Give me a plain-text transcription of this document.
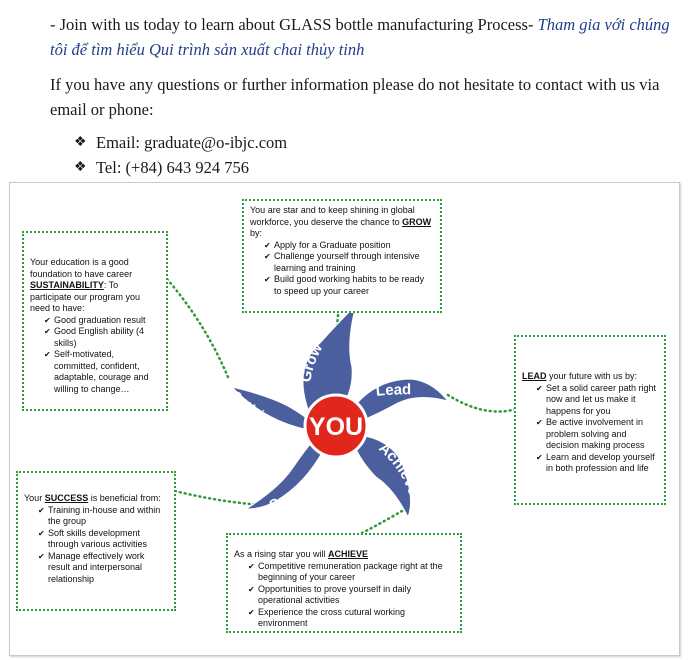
- Join with us today to learn about GLASS bottle manufacturing Process- Tham gia với chúng tôi để tìm hiểu Qui trình sản xuất chai thủy tinh
If you have any questions or further information please do not hesitate to contact with us via email or phone:
❖ Email: graduate@o-ibjc.com
❖ Tel: (+84) 643 924 756
Grow
Lead
Achieve
Success
Sustainability
YOU

You are star and to keep shining in global workforce, you deserve the chance to GROW by:

✔ Apply for a Graduate position
✔ Challenge yourself through intensive learning and training
✔ Build good working habits to be ready to speed up your career

Your education is a good foundation to have career SUSTAINABILITY: To participate our program you need to have:

✔ Good graduation result
✔ Good English ability (4 skills)
✔ Self-motivated, committed, confident, adaptable, courage and willing to change…

LEAD your future with us by:

✔ Set a solid career path right now and let us make it happens for you
✔ Be active involvement in problem solving and decision making process
✔ Learn and develop yourself in both profession and life

Your SUCCESS is beneficial from:

✔ Training in-house and within the group
✔ Soft skills development through various activities
✔ Manage effectively work result and interpersonal relationship

As a rising star you will ACHIEVE

✔ Competitive remuneration package right at the beginning of your career
✔ Opportunities to prove yourself in daily operational activities
✔ Experience the cross cutural working environment
